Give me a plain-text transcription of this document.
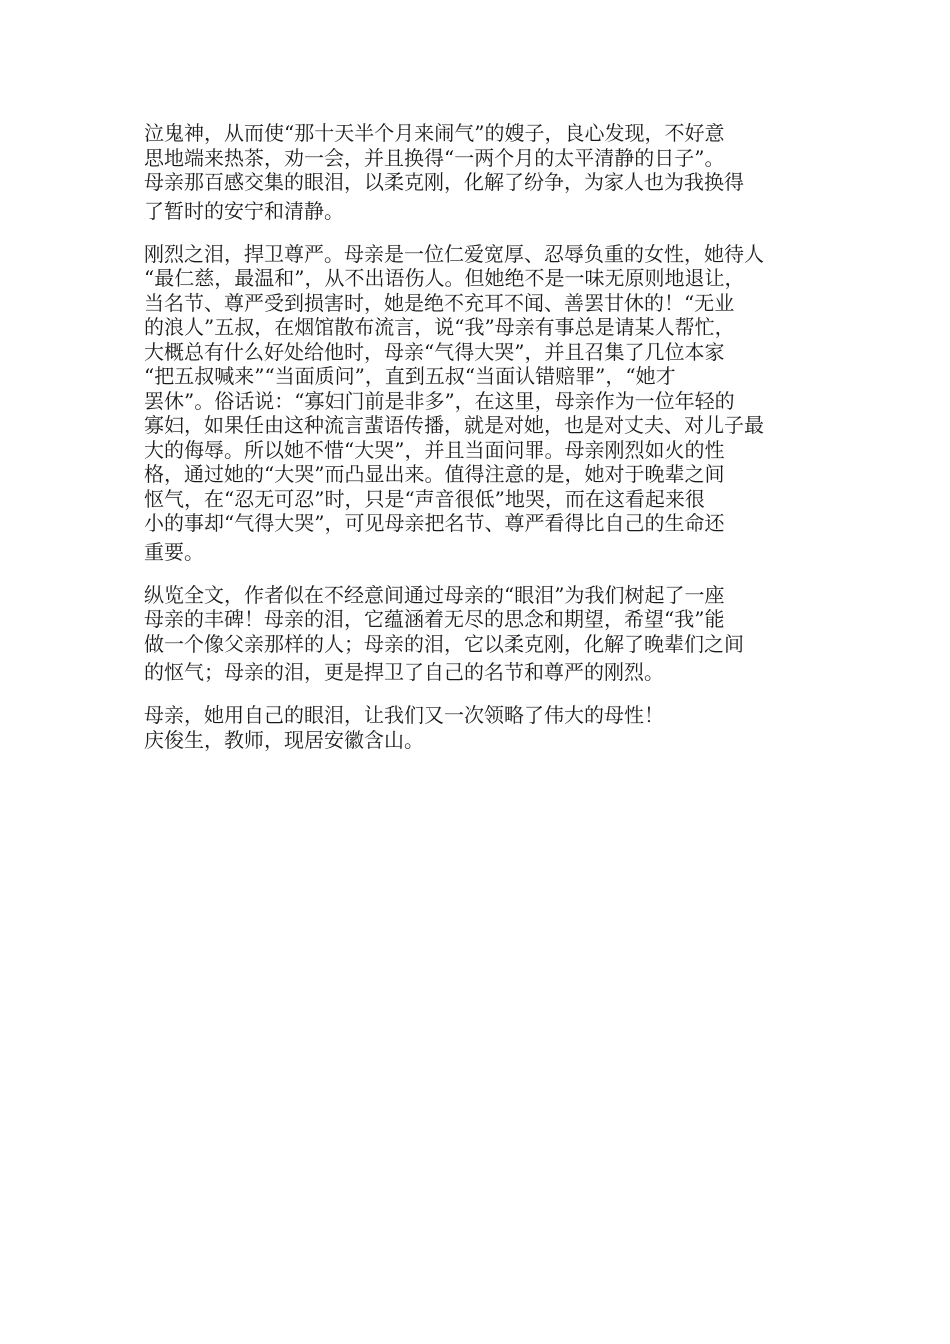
泣鬼神，从而使“那十天半个月来闹气”的嫂子，良心发现，不好意
思地端来热茶，劝一会，并且换得“一两个月的太平清静的日子”。
母亲那百感交集的眼泪，以柔克刚，化解了纷争，为家人也为我换得
了暂时的安宁和清静。
刚烈之泪，捍卫尊严。母亲是一位仁爱宽厚、忍辱负重的女性，她待人
“最仁慈，最温和”，从不出语伤人。但她绝不是一味无原则地退让，
当名节、尊严受到损害时，她是绝不充耳不闻、善罢甘休的！“无业
的浪人”五叔，在烟馆散布流言，说“我”母亲有事总是请某人帮忙，
大概总有什么好处给他时，母亲“气得大哭”，并且召集了几位本家
“把五叔喊来”“当面质问”，直到五叔“当面认错赔罪”，“她才
罢休”。俗话说：“寡妇门前是非多”，在这里，母亲作为一位年轻的
寡妇，如果任由这种流言蜚语传播，就是对她，也是对丈夫、对儿子最
大的侮辱。所以她不惜“大哭”，并且当面问罪。母亲刚烈如火的性
格，通过她的“大哭”而凸显出来。值得注意的是，她对于晚辈之间
怄气，在“忍无可忍”时，只是“声音很低”地哭，而在这看起来很
小的事却“气得大哭”，可见母亲把名节、尊严看得比自己的生命还
重要。
纵览全文，作者似在不经意间通过母亲的“眼泪”为我们树起了一座
母亲的丰碑！母亲的泪，它蕴涵着无尽的思念和期望，希望“我”能
做一个像父亲那样的人；母亲的泪，它以柔克刚，化解了晚辈们之间
的怄气；母亲的泪，更是捍卫了自己的名节和尊严的刚烈。
母亲，她用自己的眼泪，让我们又一次领略了伟大的母性！
庆俊生，教师，现居安徽含山。
